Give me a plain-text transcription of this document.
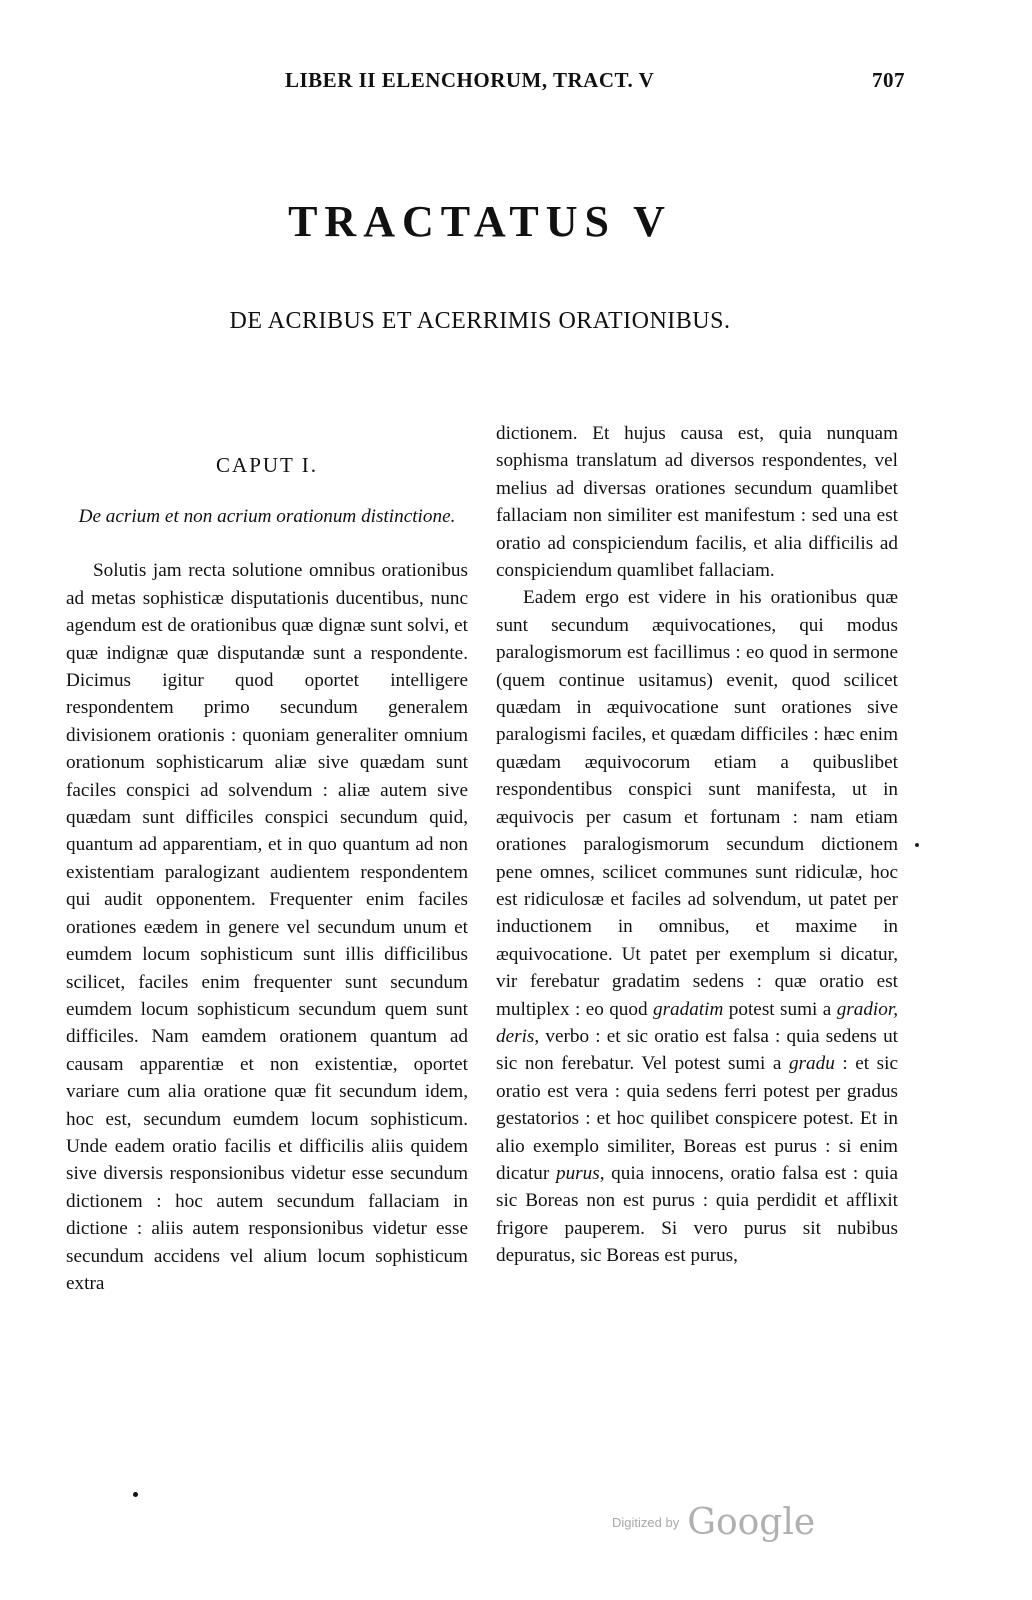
LIBER II ELENCHORUM, TRACT. V	707
TRACTATUS V
DE ACRIBUS ET ACERRIMIS ORATIONIBUS.
CAPUT I.
De acrium et non acrium orationum distinctione.

Solutis jam recta solutione omnibus orationibus ad metas sophisticæ disputationis ducentibus, nunc agendum est de orationibus quæ dignæ sunt solvi, et quæ indignæ quæ disputandæ sunt a respondente. Dicimus igitur quod oportet intelligere respondentem primo secundum generalem divisionem orationis : quoniam generaliter omnium orationum sophisticarum aliæ sive quædam sunt faciles conspici ad solvendum : aliæ autem sive quædam sunt difficiles conspici secundum quid, quantum ad apparentiam, et in quo quantum ad non existentiam paralogizant audientem respondentem qui audit opponentem. Frequenter enim faciles orationes eædem in genere vel secundum unum et eumdem locum sophisticum sunt illis difficilibus scilicet, faciles enim frequenter sunt secundum eumdem locum sophisticum secundum quem sunt difficiles. Nam eamdem orationem quantum ad causam apparentiæ et non existentiæ, oportet variare cum alia oratione quæ fit secundum idem, hoc est, secundum eumdem locum sophisticum. Unde eadem oratio facilis et difficilis aliis quidem sive diversis responsionibus videtur esse secundum dictionem : hoc autem secundum fallaciam in dictione : aliis autem responsionibus videtur esse secundum accidens vel alium locum sophisticum extra

dictionem. Et hujus causa est, quia nunquam sophisma translatum ad diversos respondentes, vel melius ad diversas orationes secundum quamlibet fallaciam non similiter est manifestum : sed una est oratio ad conspiciendum facilis, et alia difficilis ad conspiciendum quamlibet fallaciam.

Eadem ergo est videre in his orationibus quæ sunt secundum æquivocationes, qui modus paralogismorum est facillimus : eo quod in sermone (quem continue usitamus) evenit, quod scilicet quædam in æquivocatione sunt orationes sive paralogismi faciles, et quædam difficiles : hæc enim quædam æquivocorum etiam a quibuslibet respondentibus conspici sunt manifesta, ut in æquivocis per casum et fortunam : nam etiam orationes paralogismorum secundum dictionem pene omnes, scilicet communes sunt ridiculæ, hoc est ridiculosæ et faciles ad solvendum, ut patet per inductionem in omnibus, et maxime in æquivocatione. Ut patet per exemplum si dicatur, vir ferebatur gradatim sedens : quæ oratio est multiplex : eo quod gradatim potest sumi a gradior, deris, verbo : et sic oratio est falsa : quia sedens ut sic non ferebatur. Vel potest sumi a gradu : et sic oratio est vera : quia sedens ferri potest per gradus gestatorios : et hoc quilibet conspicere potest. Et in alio exemplo similiter, Boreas est purus : si enim dicatur purus, quia innocens, oratio falsa est : quia sic Boreas non est purus : quia perdidit et afflixit frigore pauperem. Si vero purus sit nubibus depuratus, sic Boreas est purus,

Digitized by Google
